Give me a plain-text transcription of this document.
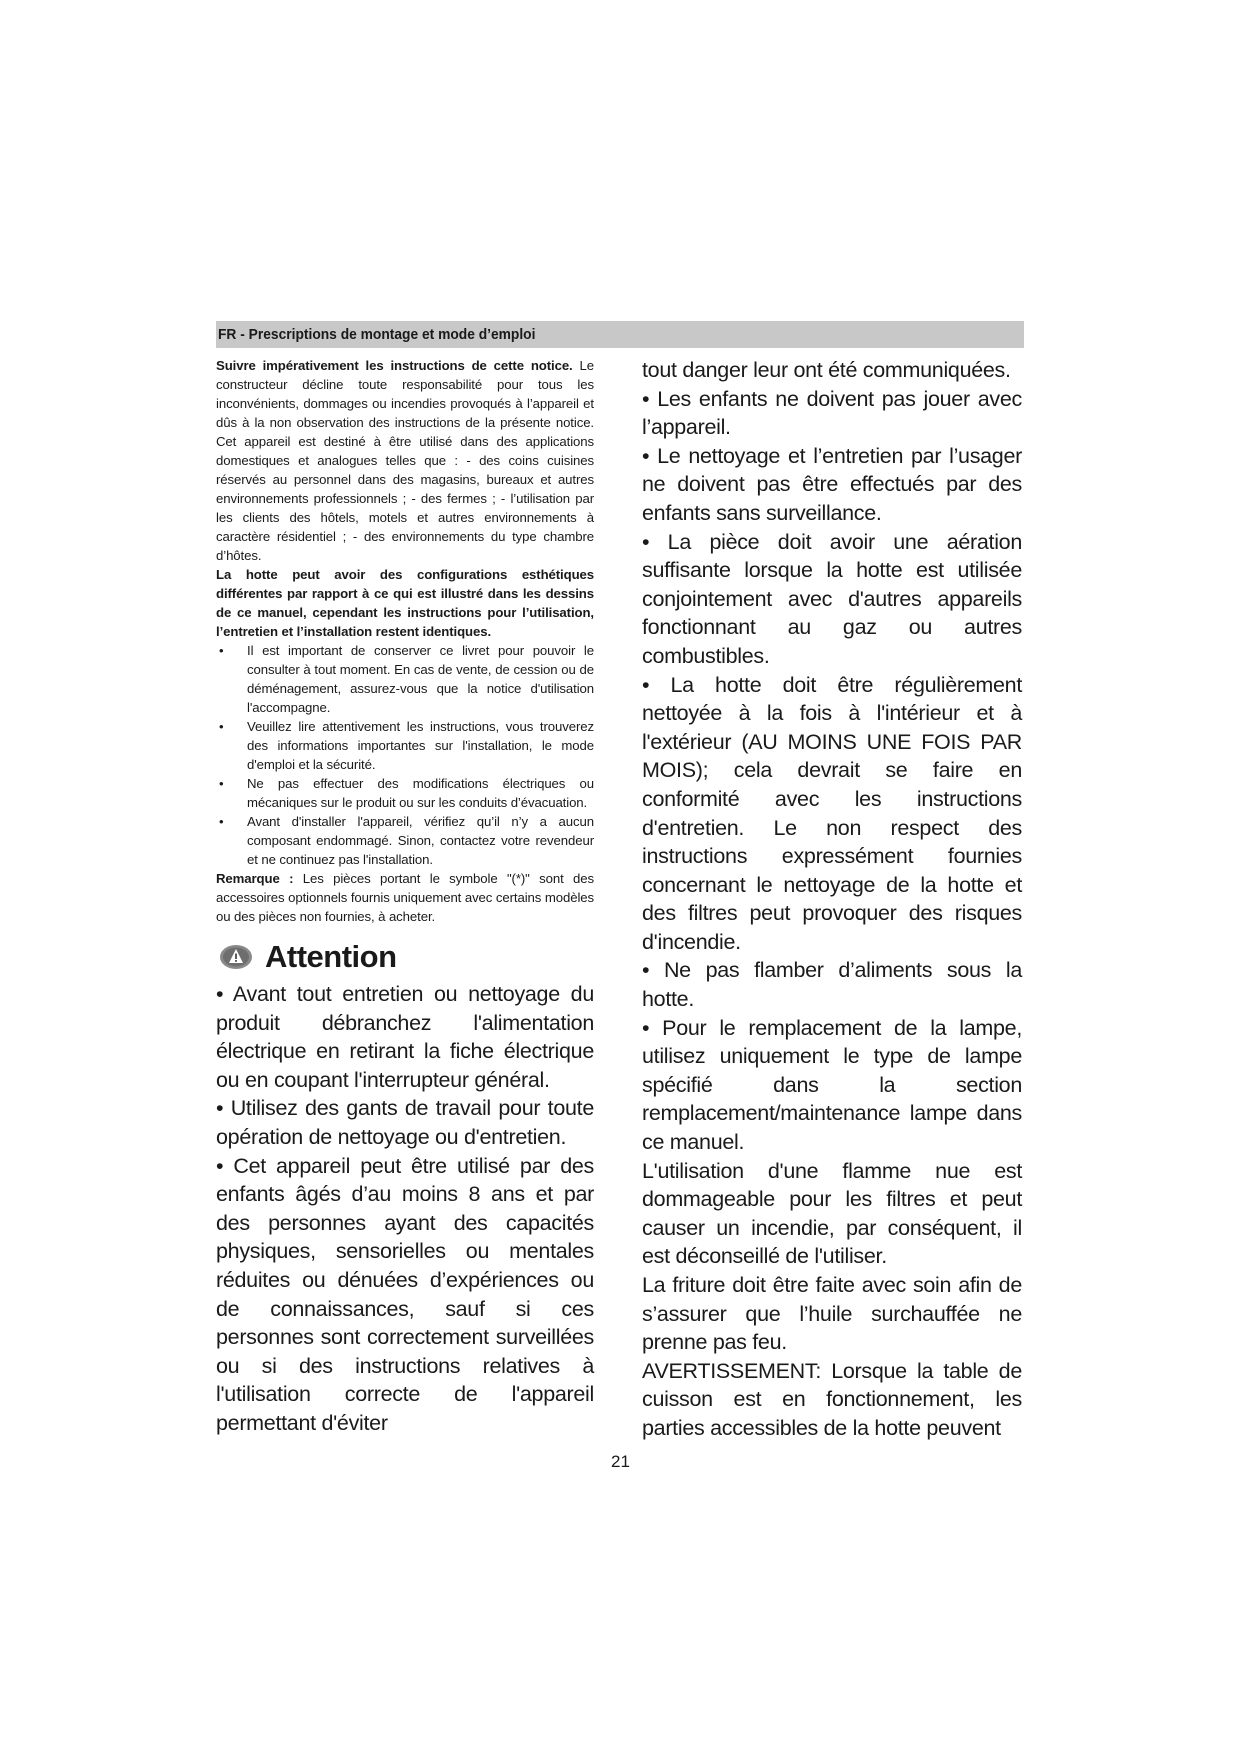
FR - Prescriptions de montage et mode d’emploi

Suivre impérativement les instructions de cette notice. Le constructeur décline toute responsabilité pour tous les inconvénients, dommages ou incendies provoqués à l’appareil et dûs à la non observation des instructions de la présente notice. Cet appareil est destiné à être utilisé dans des applications domestiques et analogues telles que : - des coins cuisines réservés au personnel dans des magasins, bureaux et autres environnements professionnels ; - des fermes ; - l’utilisation par les clients des hôtels, motels et autres environnements à caractère résidentiel ; - des environnements du type chambre d’hôtes.

La hotte peut avoir des configurations esthétiques différentes par rapport à ce qui est illustré dans les dessins de ce manuel, cependant les instructions pour l’utilisation, l’entretien et l’installation restent identiques.

• Il est important de conserver ce livret pour pouvoir le consulter à tout moment. En cas de vente, de cession ou de déménagement, assurez-vous que la notice d'utilisation l'accompagne.
• Veuillez lire attentivement les instructions, vous trouverez des informations importantes sur l'installation, le mode d'emploi et la sécurité.
• Ne pas effectuer des modifications électriques ou mécaniques sur le produit ou sur les conduits d’évacuation.
• Avant d'installer l'appareil, vérifiez qu’il n’y a aucun composant endommagé. Sinon, contactez votre revendeur et ne continuez pas l'installation.

Remarque : Les pièces portant le symbole "(*)" sont des accessoires optionnels fournis uniquement avec certains modèles ou des pièces non fournies, à acheter.

Attention

• Avant tout entretien ou nettoyage du produit débranchez l'alimentation électrique en retirant la fiche électrique ou en coupant l'interrupteur général.

• Utilisez des gants de travail pour toute opération de nettoyage ou d'entretien.

• Cet appareil peut être utilisé par des enfants âgés d’au moins 8 ans et par des personnes ayant des capacités physiques, sensorielles ou mentales réduites ou dénuées d’expériences ou de connaissances, sauf si ces personnes sont correctement surveillées ou si des instructions relatives à l'utilisation correcte de l'appareil permettant d'éviter

tout danger leur ont été communiquées.

• Les enfants ne doivent pas jouer avec l’appareil.

• Le nettoyage et l’entretien par l’usager ne doivent pas être effectués par des enfants sans surveillance.

• La pièce doit avoir une aération suffisante lorsque la hotte est utilisée conjointement avec d'autres appareils fonctionnant au gaz ou autres combustibles.

• La hotte doit être régulièrement nettoyée à la fois à l'intérieur et à l'extérieur (AU MOINS UNE FOIS PAR MOIS); cela devrait se faire en conformité avec les instructions d'entretien. Le non respect des instructions expressément fournies concernant le nettoyage de la hotte et des filtres peut provoquer des risques d'incendie.

• Ne pas flamber d’aliments sous la hotte.

• Pour le remplacement de la lampe, utilisez uniquement le type de lampe spécifié dans la section remplacement/maintenance lampe dans ce manuel.

L'utilisation d'une flamme nue est dommageable pour les filtres et peut causer un incendie, par conséquent, il est déconseillé de l'utiliser.

La friture doit être faite avec soin afin de s’assurer que l’huile surchauffée ne prenne pas feu.

AVERTISSEMENT: Lorsque la table de cuisson est en fonctionnement, les parties accessibles de la hotte peuvent

21
